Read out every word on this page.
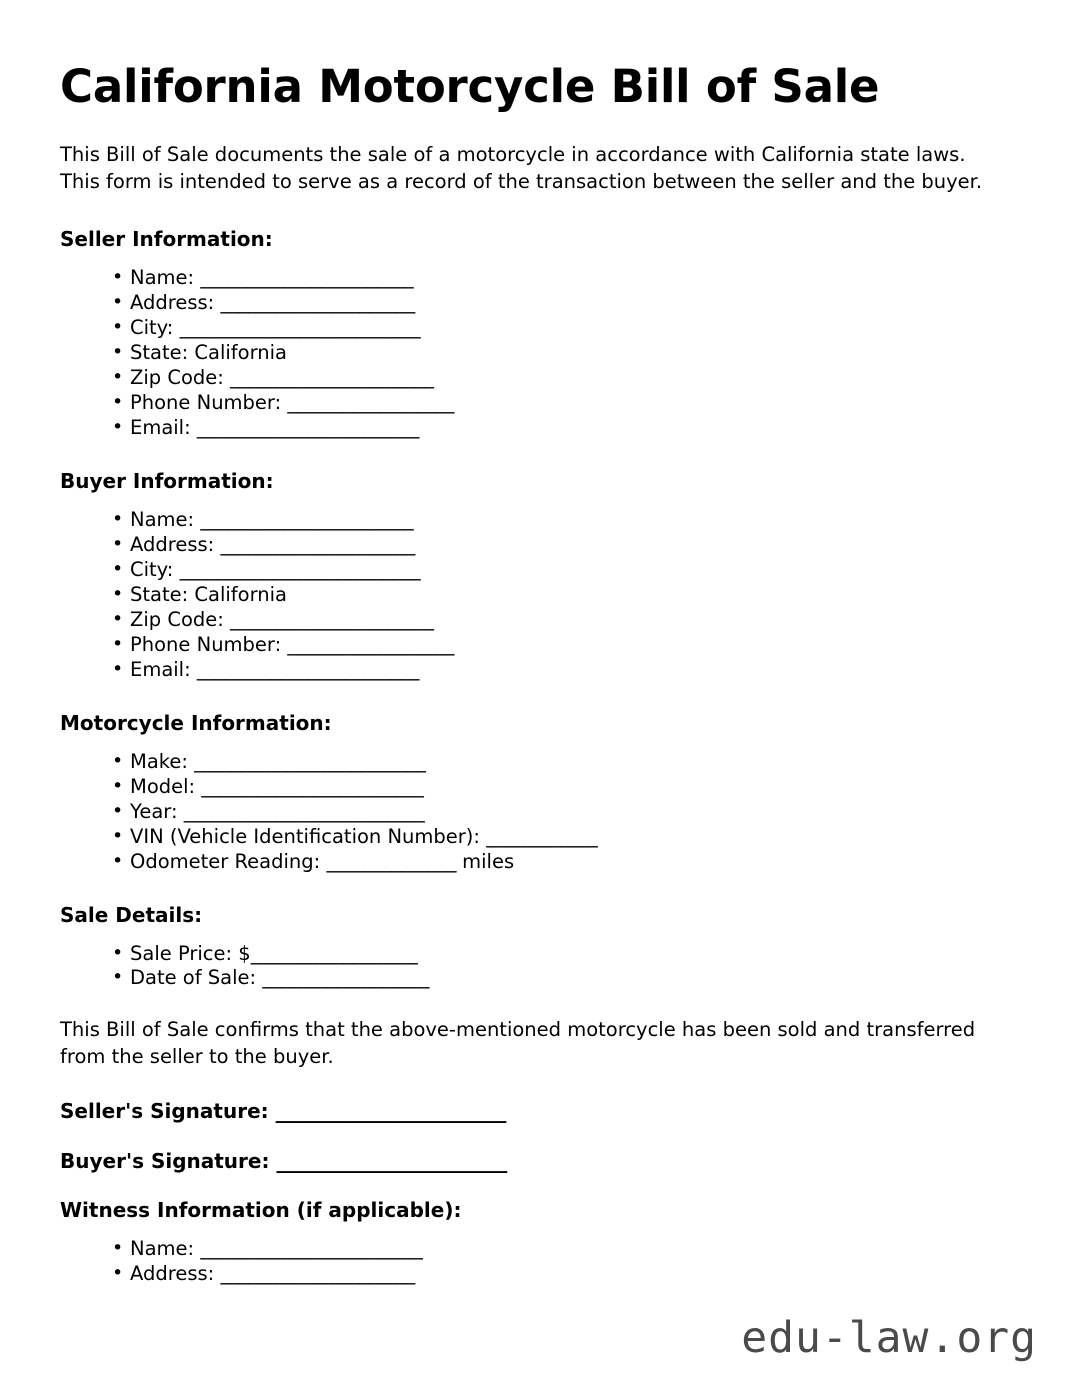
California Motorcycle Bill of Sale

This Bill of Sale documents the sale of a motorcycle in accordance with California state laws. This form is intended to serve as a record of the transaction between the seller and the buyer.

Seller Information:
• Name: _______________________
• Address: _____________________
• City: __________________________
• State: California
• Zip Code: ______________________
• Phone Number: __________________
• Email: ________________________
Buyer Information:
• Name: _______________________
• Address: _____________________
• City: __________________________
• State: California
• Zip Code: ______________________
• Phone Number: __________________
• Email: ________________________
Motorcycle Information:
• Make: _________________________
• Model: ________________________
• Year: __________________________
• VIN (Vehicle Identification Number): ____________
• Odometer Reading: ______________ miles
Sale Details:
• Sale Price: $__________________
• Date of Sale: __________________

This Bill of Sale confirms that the above-mentioned motorcycle has been sold and transferred from the seller to the buyer.

Seller's Signature: ________________________
Buyer's Signature: ________________________
Witness Information (if applicable):
• Name: ________________________
• Address: _____________________
edu-law.org
